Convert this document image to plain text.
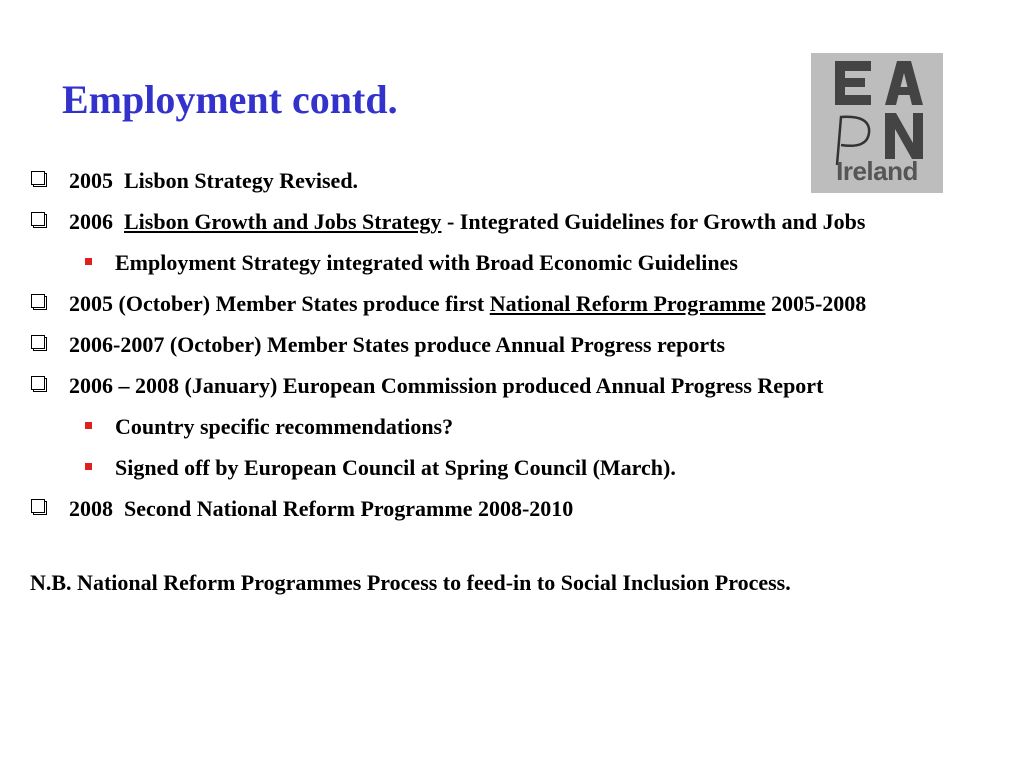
Employment contd.
Ireland
2005  Lisbon Strategy Revised.
2006  Lisbon Growth and Jobs Strategy - Integrated Guidelines for Growth and Jobs
Employment Strategy integrated with Broad Economic Guidelines
2005 (October) Member States produce first National Reform Programme 2005-2008
2006-2007 (October) Member States produce Annual Progress reports
2006 – 2008 (January) European Commission produced Annual Progress Report
Country specific recommendations?
Signed off by European Council at Spring Council (March).
2008  Second National Reform Programme 2008-2010
N.B. National Reform Programmes Process to feed-in to Social Inclusion Process.
